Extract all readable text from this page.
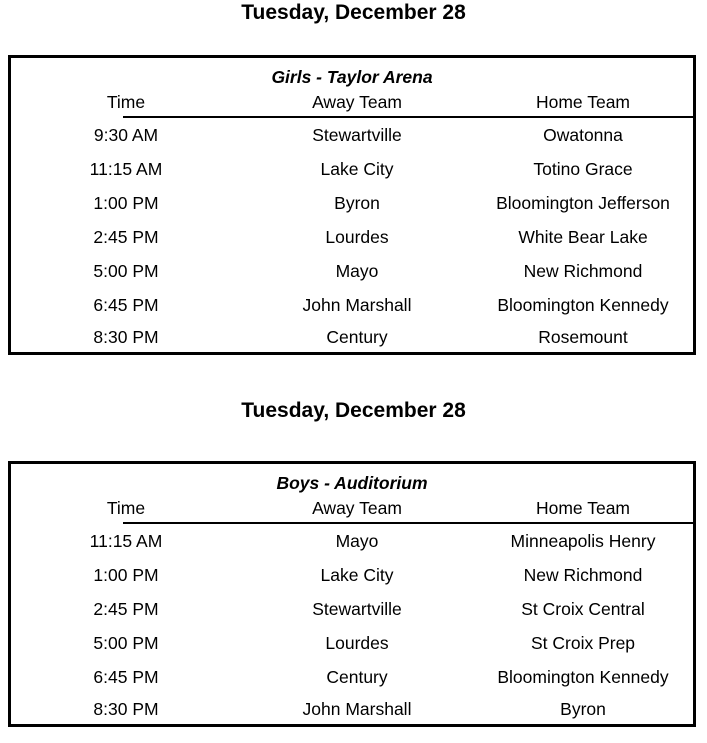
Tuesday, December 28
Girls - Taylor Arena
Time	Away Team	Home Team
9:30 AM	Stewartville	Owatonna
11:15 AM	Lake City	Totino Grace
1:00 PM	Byron	Bloomington Jefferson
2:45 PM	Lourdes	White Bear Lake
5:00 PM	Mayo	New Richmond
6:45 PM	John Marshall	Bloomington Kennedy
8:30 PM	Century	Rosemount
Tuesday, December 28
Boys - Auditorium
Time	Away Team	Home Team
11:15 AM	Mayo	Minneapolis Henry
1:00 PM	Lake City	New Richmond
2:45 PM	Stewartville	St Croix Central
5:00 PM	Lourdes	St Croix Prep
6:45 PM	Century	Bloomington Kennedy
8:30 PM	John Marshall	Byron
